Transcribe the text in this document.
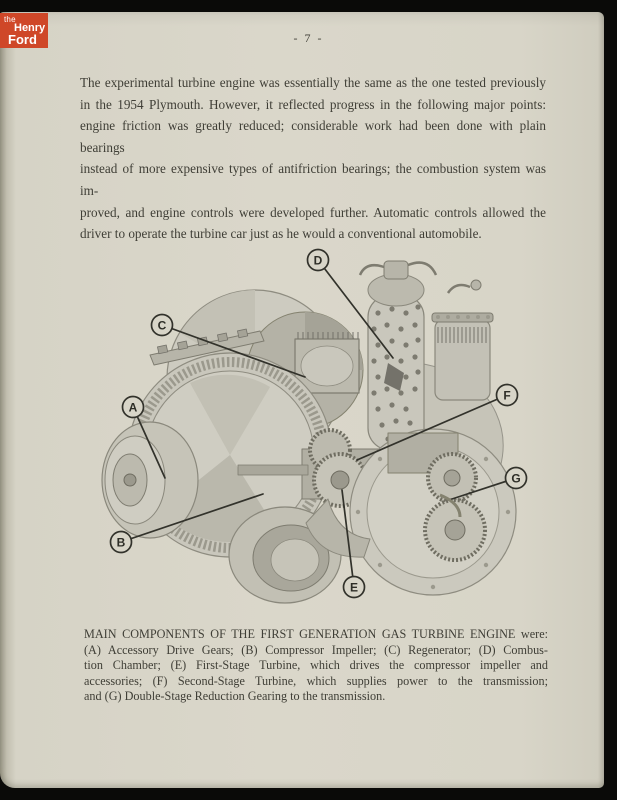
the
Henry
Ford	- 7 -
The experimental turbine engine was essentially the same as the one tested previously
in the 1954 Plymouth. However, it reflected progress in the following major points:
engine friction was greatly reduced; considerable work had been done with plain bearings
instead of more expensive types of antifriction bearings; the combustion system was im-
proved, and engine controls were developed further. Automatic controls allowed the
driver to operate the turbine car just as he would a conventional automobile.
A
B
C
D
E
F
G
MAIN COMPONENTS OF THE FIRST GENERATION GAS TURBINE ENGINE were:
(A) Accessory Drive Gears; (B) Compressor Impeller; (C) Regenerator; (D) Combus-
tion Chamber; (E) First-Stage Turbine, which drives the compressor impeller and
accessories; (F) Second-Stage Turbine, which supplies power to the transmission;
and (G) Double-Stage Reduction Gearing to the transmission.
